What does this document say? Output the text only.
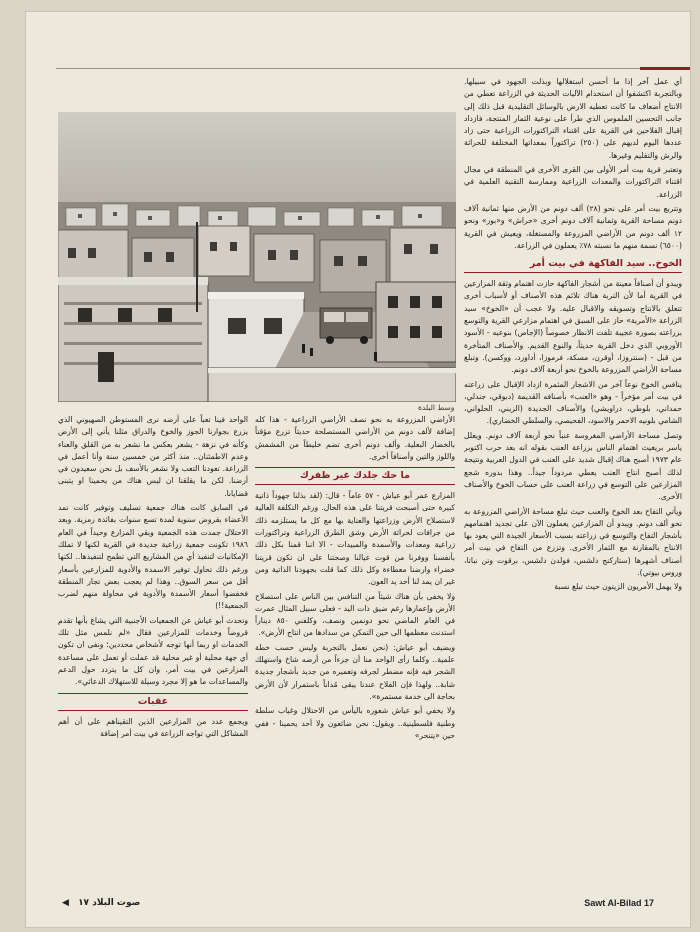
أي عمل آخر إذا ما أحسن استغلالها وبذلت الجهود في سبيلها. وبالتجربة اكتشفوا أن استخدام الآليات الحديثة في الزراعة تعطي من الانتاج أضعاف ما كانت تعطيه الارض بالوسائل التقليدية قبل ذلك إلى جانب التحسين الملموس الذي طرأ على نوعية الثمار المنتجة، فازداد إقبال الفلاحين في القرية على اقتناء التراكتورات الزراعية حتى زاد عددها اليوم لديهم على (٢٥٠) تراكتوراً بمعداتها المختلفة للحراثة والرش والتقليم وغيرها.

وتعتبر قرية بيت أمر الأولى بين القرى الأخرى في المنطقة في مجال اقتناء التراكتورات والمعدات الزراعية وممارسة التقنية العلمية في الزراعة.

وتتربع بيت أمر على نحو (٢٨) ألف دونم من الأرض منها ثمانية آلاف دونم مساحة القرية وثمانية آلاف دونم أخرى «حراش» و«بور» ونحو ١٢ ألف دونم من الأراضي المزروعة والمستغلة، ويعيش في القرية (٦٥٠٠) نسمة منهم ما نسبته ٧٨٪ يعملون في الزراعة.

الخوخ.. سيد الفاكهة في بيت أمر

ويبدو أن أصنافاً معينة من أشجار الفاكهة حازت اهتمام وثقة المزارعين في القرية أما لأن التربة هناك تلائم هذه الأصناف أو لأسباب أخرى تتعلق بالانتاج وتسويقه والاقبال عليه. ولا عجب أن «الخوخ» سيد الزراعة «الأمرية» حاز على السبق في اهتمام مزارعي القرية والتوسع بزراعته بصورة عجيبة تلفت الانظار خصوصاً (الإجاص) بنوعيه - الأسود الأوروبي الذي دخل القرية حديثاً، والنوع القديم. والأصناف المتأخرة من قبل - (سنتروزا، أوقرن، مسكة، فرموزا، أداورد، ووكسن). وتبلغ مساحة الأراضي المزروعة بالخوخ نحو أربعة آلاف دونم.

ينافس الخوخ نوعاً آخر من الاشجار المثمرة ازداد الإقبال على زراعته في بيت أمر مؤخراً - وهو «العنب» بأصنافه القديمة (دبوقي، جندلي، حمداني، بلوطي، دراويشي) والأصناف الجديدة (الزيني، الحلواني، الشامي بلونيه الاحمر والاسود، الفحيصي، والسلطي الخضاري).

وتصل مساحة الأراضي المغروسة عنباً نحو أربعة آلاف دونم. ويعلل ياسر بريغيث اهتمام الناس بزراعة العنب بقوله انه بعد حرب اكتوبر عام ١٩٧٣ أصبح هناك إقبال شديد على العنب في الدول العربية ونتيجة لذلك أصبح انتاج العنب يعطي مردوداً جيداً.. وهذا بدوره شجع المزارعين على التوسع في زراعة العنب على حساب الخوخ والأصناف الأخرى.

ويأتي التفاح بعد الخوخ والعنب حيث تبلغ مساحة الأراضي المزروعة به نحو ألف دونم. ويبدو أن المزارعين يعملون الآن على تجديد اهتمامهم بأشجار التفاح والتوسع في زراعته بسبب الأسعار الجيدة التي يعود بها الانتاج بالمقارنة مع الثمار الأخرى. وتزرع من التفاح في بيت أمر أصناف أشهرها (ستاركنج دلشس، فولدن دلشس، برقوت وتن نباتا، وروس بيوتي).

ولا يهمل الأمريون الزيتون حيث تبلغ نسبة

وسط البلدة

الأراضي المزروعة به نحو نصف الأراضي الزراعية - هذا كله إضافة لألف دونم من الأراضي المستصلحة حديثاً تزرع مؤقتاً بالخضار البعلية. وألف دونم أخرى تضم خليطاً من المشمش واللوز والتين وأصنافاً أخرى.

ما حك جلدك غير ظفرك

المزارع عمر أبو عياش - ٥٧ عاماً - قال: (لقد بذلنا جهوداً ذاتية كبيرة حتى أصبحت قريتنا على هذه الحال. ورغم التكلفة العالية لاستصلاح الأرض وزراعتها والعناية بها مع كل ما يستلزمه ذلك من جرافات لحراثة الأرض وشق الطرق الزراعية وتراكتورات زراعية ومعدات والأسمدة والمبيدات - الا اننا قمنا بكل ذلك بأنفسنا ووفرنا من قوت عيالنا وصحتنا على ان تكون قريتنا خضراء وارضنا معطاءة وكل ذلك كما قلت بجهودنا الذاتية ومن غير ان يمد لنا أحد يد العون.

ولا يخفى بأن هناك شيئاً من التنافس بين الناس على استصلاح الأرض وإعمارها رغم ضيق ذات اليد - فعلى سبيل المثال عمرت في العام الماضي نحو دونمين ونصف، وكلفني ٨٥٠ ديناراً استدنت معظمها الى حين التمكن من سدادها من انتاج الأرض».

ويضيف أبو عياش: (نحن نعمل بالتجربة وليس حسب خطة علمية.. وكلما رأى الواحد منا أن جزءاً من أرضه شاخ واستهلك الشجر فيه فإنه مضطر لجرفه وتعميره من جديد بأشجار جديدة شابة.. ولهذا فإن الفلاح عندنا يبقى مُداناً باستمرار لأن الأرض بحاجة الى خدمة مستمرة».

ولا يخفي أبو عياش شعوره باليأس من الاحتلال وغياب سلطة وطنية فلسطينية.. ويقول: نحن ضائعون ولا أحد يحمينا - ففي حين «يتنحر»

الواحد فينا تعباً على أرضه نرى المستوطن الصهيوني الذي يزرع بجوارنا الجوز والخوخ والدراق مثلنا يأتي إلى الأرض وكأنه في نزهة - يشعر بعكس ما نشعر به من القلق والعناء وعدم الاطمئنان.. منذ أكثر من خمسين سنة وأنا أعمل في الزراعة. تعودنا التعب ولا نشعر بالأسف بل نحن سعيدون في أرضنا. لكن ما يقلقنا ان ليس هناك من يحمينا او يتبنى قضايانا.

في السابق كانت هناك جمعية تسليف وتوفير كانت تمد الأعضاء بقروض سنوية لمدة تسع سنوات بفائدة رمزية. وبعد الاحتلال جمدت هذه الجمعية وبقي المزارع وحيداً في العام ١٩٨٦ تكونت جمعية زراعية جديدة في القرية لكنها لا تملك الإمكانيات لتنفيذ أي من المشاريع التي تطمح لتنفيذها.. لكنها ورغم ذلك تحاول توفير الاسمدة والأدوية للمزارعين بأسعار أقل من سعر السوق.. وهذا لم يعجب بعض تجار المنطقة فخفضوا أسعار الأسمدة والأدوية في محاولة منهم لضرب الجمعية!!)

وتحدث أبو عياش عن الجمعيات الأجنبية التي يشاع بأنها تقدم قروضاً وخدمات للمزارعين فقال «لم نلمس مثل تلك الخدمات او ربما أنها توجه لأشخاص محددين؛ ونفى ان تكون أي جهة محلية أو غير محلية قد عملت أو تعمل على مساعدة المزارعين في بيت أمر. وان كل ما يتردد حول الدعم والمساعدات ما هو إلا مجرد وسيلة للاستهلاك الدعائي».

عقبات

ويجمع عدد من المزارعين الذين التقيناهم على أن أهم المشاكل التي تواجه الزراعة في بيت أمر إضافة

صوت البلاد ١٧ ◀	Sawt Al-Bilad 17
